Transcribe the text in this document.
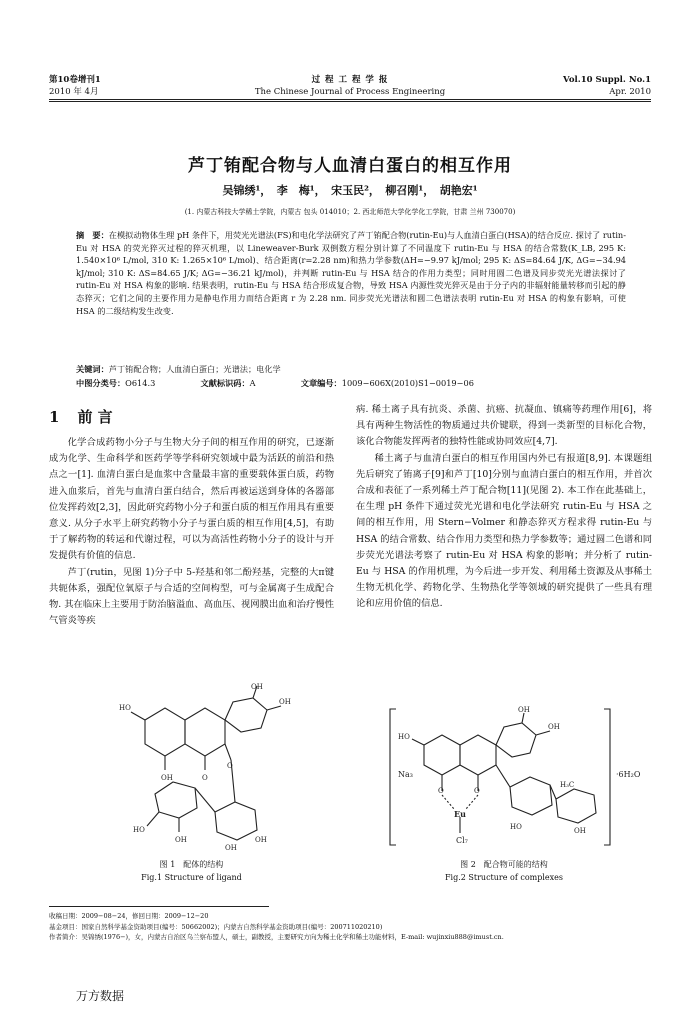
第10卷增刊1
2010 年 4月
过 程 工 程 学 报
The Chinese Journal of Process Engineering
Vol.10 Suppl. No.1
Apr. 2010
芦丁铕配合物与人血清白蛋白的相互作用
吴锦绣¹，　李　梅¹，　宋玉民²，　柳召刚¹，　胡艳宏¹
(1. 内蒙古科技大学稀土学院，内蒙古 包头 014010；2. 西北师范大学化学化工学院，甘肃 兰州 730070)
摘　要：在模拟动物体生理 pH 条件下，用荧光光谱法(FS)和电化学法研究了芦丁铕配合物(rutin-Eu)与人血清白蛋白(HSA)的结合反应. 探讨了 rutin-Eu 对 HSA 的荧光猝灭过程的猝灭机理，以 Lineweaver-Burk 双倒数方程分别计算了不同温度下 rutin-Eu 与 HSA 的结合常数(K_LB, 295 K: 1.540×10⁶ L/mol, 310 K: 1.265×10⁶ L/mol)、结合距离(r=2.28 nm)和热力学参数(ΔH=−9.97 kJ/mol; 295 K: ΔS=84.64 J/K, ΔG=−34.94 kJ/mol; 310 K: ΔS=84.65 J/K; ΔG=−36.21 kJ/mol)，并判断 rutin-Eu 与 HSA 结合的作用力类型；同时用圆二色谱及同步荧光光谱法探讨了 rutin-Eu 对 HSA 构象的影响. 结果表明，rutin-Eu 与 HSA 结合形成复合物，导致 HSA 内源性荧光猝灭是由于分子内的非辐射能量转移而引起的静态猝灭；它们之间的主要作用力是静电作用力而结合距离 r 为 2.28 nm. 同步荧光光谱法和圆二色谱法表明 rutin-Eu 对 HSA 的构象有影响，可使 HSA 的二级结构发生改变.
关键词：芦丁铕配合物；人血清白蛋白；光谱法；电化学
中图分类号：O614.3	文献标识码：A	文章编号：1009−606X(2010)S1−0019−06
1 前 言

化学合成药物小分子与生物大分子间的相互作用的研究，已逐渐成为化学、生命科学和医药学等学科研究领域中最为活跃的前沿和热点之一[1]. 血清白蛋白是血浆中含量最丰富的重要载体蛋白质，药物进入血浆后，首先与血清白蛋白结合，然后再被运送到身体的各器部位发挥药效[2,3]，因此研究药物小分子和蛋白质的相互作用具有重要意义. 从分子水平上研究药物小分子与蛋白质的相互作用[4,5]，有助于了解药物的转运和代谢过程，可以为高活性药物小分子的设计与开发提供有价值的信息.

芦丁(rutin，见图 1)分子中 5-羟基和邻二酚羟基，完整的大π键共轭体系，强配位氧原子与合适的空间构型，可与金属离子生成配合物. 其在临床上主要用于防治脑溢血、高血压、视网膜出血和治疗慢性气管炎等疾

病. 稀土离子具有抗炎、杀菌、抗癌、抗凝血、镇痛等药理作用[6]，将具有两种生物活性的物质通过共价键联，得到一类新型的目标化合物，该化合物能发挥两者的独特性能或协同效应[4,7].

稀土离子与血清白蛋白的相互作用国内外已有报道[8,9]. 本课题组先后研究了铕离子[9]和芦丁[10]分别与血清白蛋白的相互作用，并首次合成和表征了一系列稀土芦丁配合物[11](见图 2). 本工作在此基础上，在生理 pH 条件下通过荧光光谱和电化学法研究 rutin-Eu 与 HSA 之间的相互作用，用 Stern−Volmer 和静态猝灭方程求得 rutin-Eu 与 HSA 的结合常数、结合作用力类型和热力学参数等；通过圆二色谱和同步荧光光谱法考察了 rutin-Eu 对 HSA 构象的影响；并分析了 rutin-Eu 与 HSA 的作用机理，为今后进一步开发、利用稀土资源及从事稀土生物无机化学、药物化学、生物热化学等领域的研究提供了一些具有理论和应用价值的信息.

HO
OH
OH
OH	O
O
HO
OH
OH
OH
图 1　配体的结构
Fig.1 Structure of ligand
Na₃	·6H₂O
Eu
Cl₇
OH
OH
HO
H₃C
O	O
HO	OH
图 2　配合物可能的结构
Fig.2 Structure of complexes
收稿日期：2009−08−24，修回日期：2009−12−20
基金项目：国家自然科学基金资助项目(编号：50662002)；内蒙古自然科学基金资助项目(编号：200711020210)
作者简介：吴锦绣(1976−)，女，内蒙古自治区乌兰察布盟人，硕士，副教授，主要研究方向为稀土化学和稀土功能材料，E-mail: wujinxiu888@imust.cn.
万方数据
